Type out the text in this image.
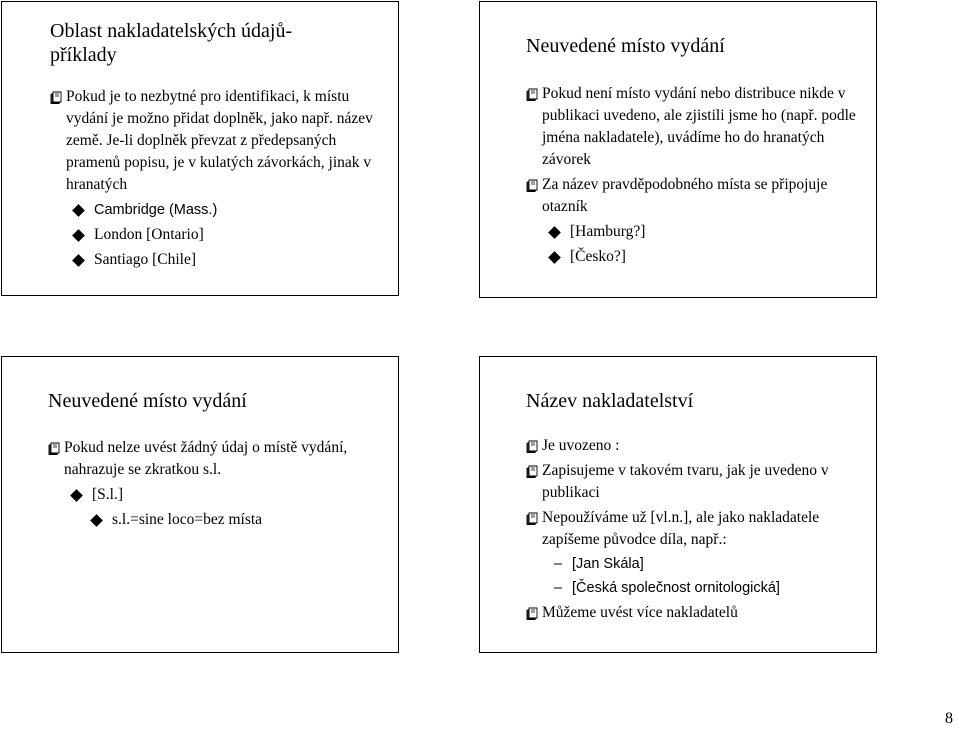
Oblast nakladatelských údajů-
příklady

Pokud je to nezbytné pro identifikaci, k místu vydání je možno přidat doplněk, jako např. název země. Je-li doplněk převzat z předepsaných pramenů popisu, je v kulatých závorkách, jinak v hranatých

Cambridge (Mass.)
London [Ontario]
Santiago [Chile]
Neuvedené místo vydání

Pokud není místo vydání nebo distribuce nikde v publikaci uvedeno, ale zjistili jsme ho (např. podle jména nakladatele), uvádíme ho do hranatých závorek

Za název pravděpodobného místa se připojuje otazník

[Hamburg?]
[Česko?]
Neuvedené místo vydání

Pokud nelze uvést žádný údaj o místě vydání, nahrazuje se zkratkou s.l.

[S.l.]
s.l.=sine loco=bez místa
Název nakladatelství

Je uvozeno :

Zapisujeme v takovém tvaru, jak je uvedeno v publikaci

Nepoužíváme už [vl.n.], ale jako nakladatele zapíšeme původce díla, např.:

– [Jan Skála]
– [Česká společnost ornitologická]

Můžeme uvést více nakladatelů

8
